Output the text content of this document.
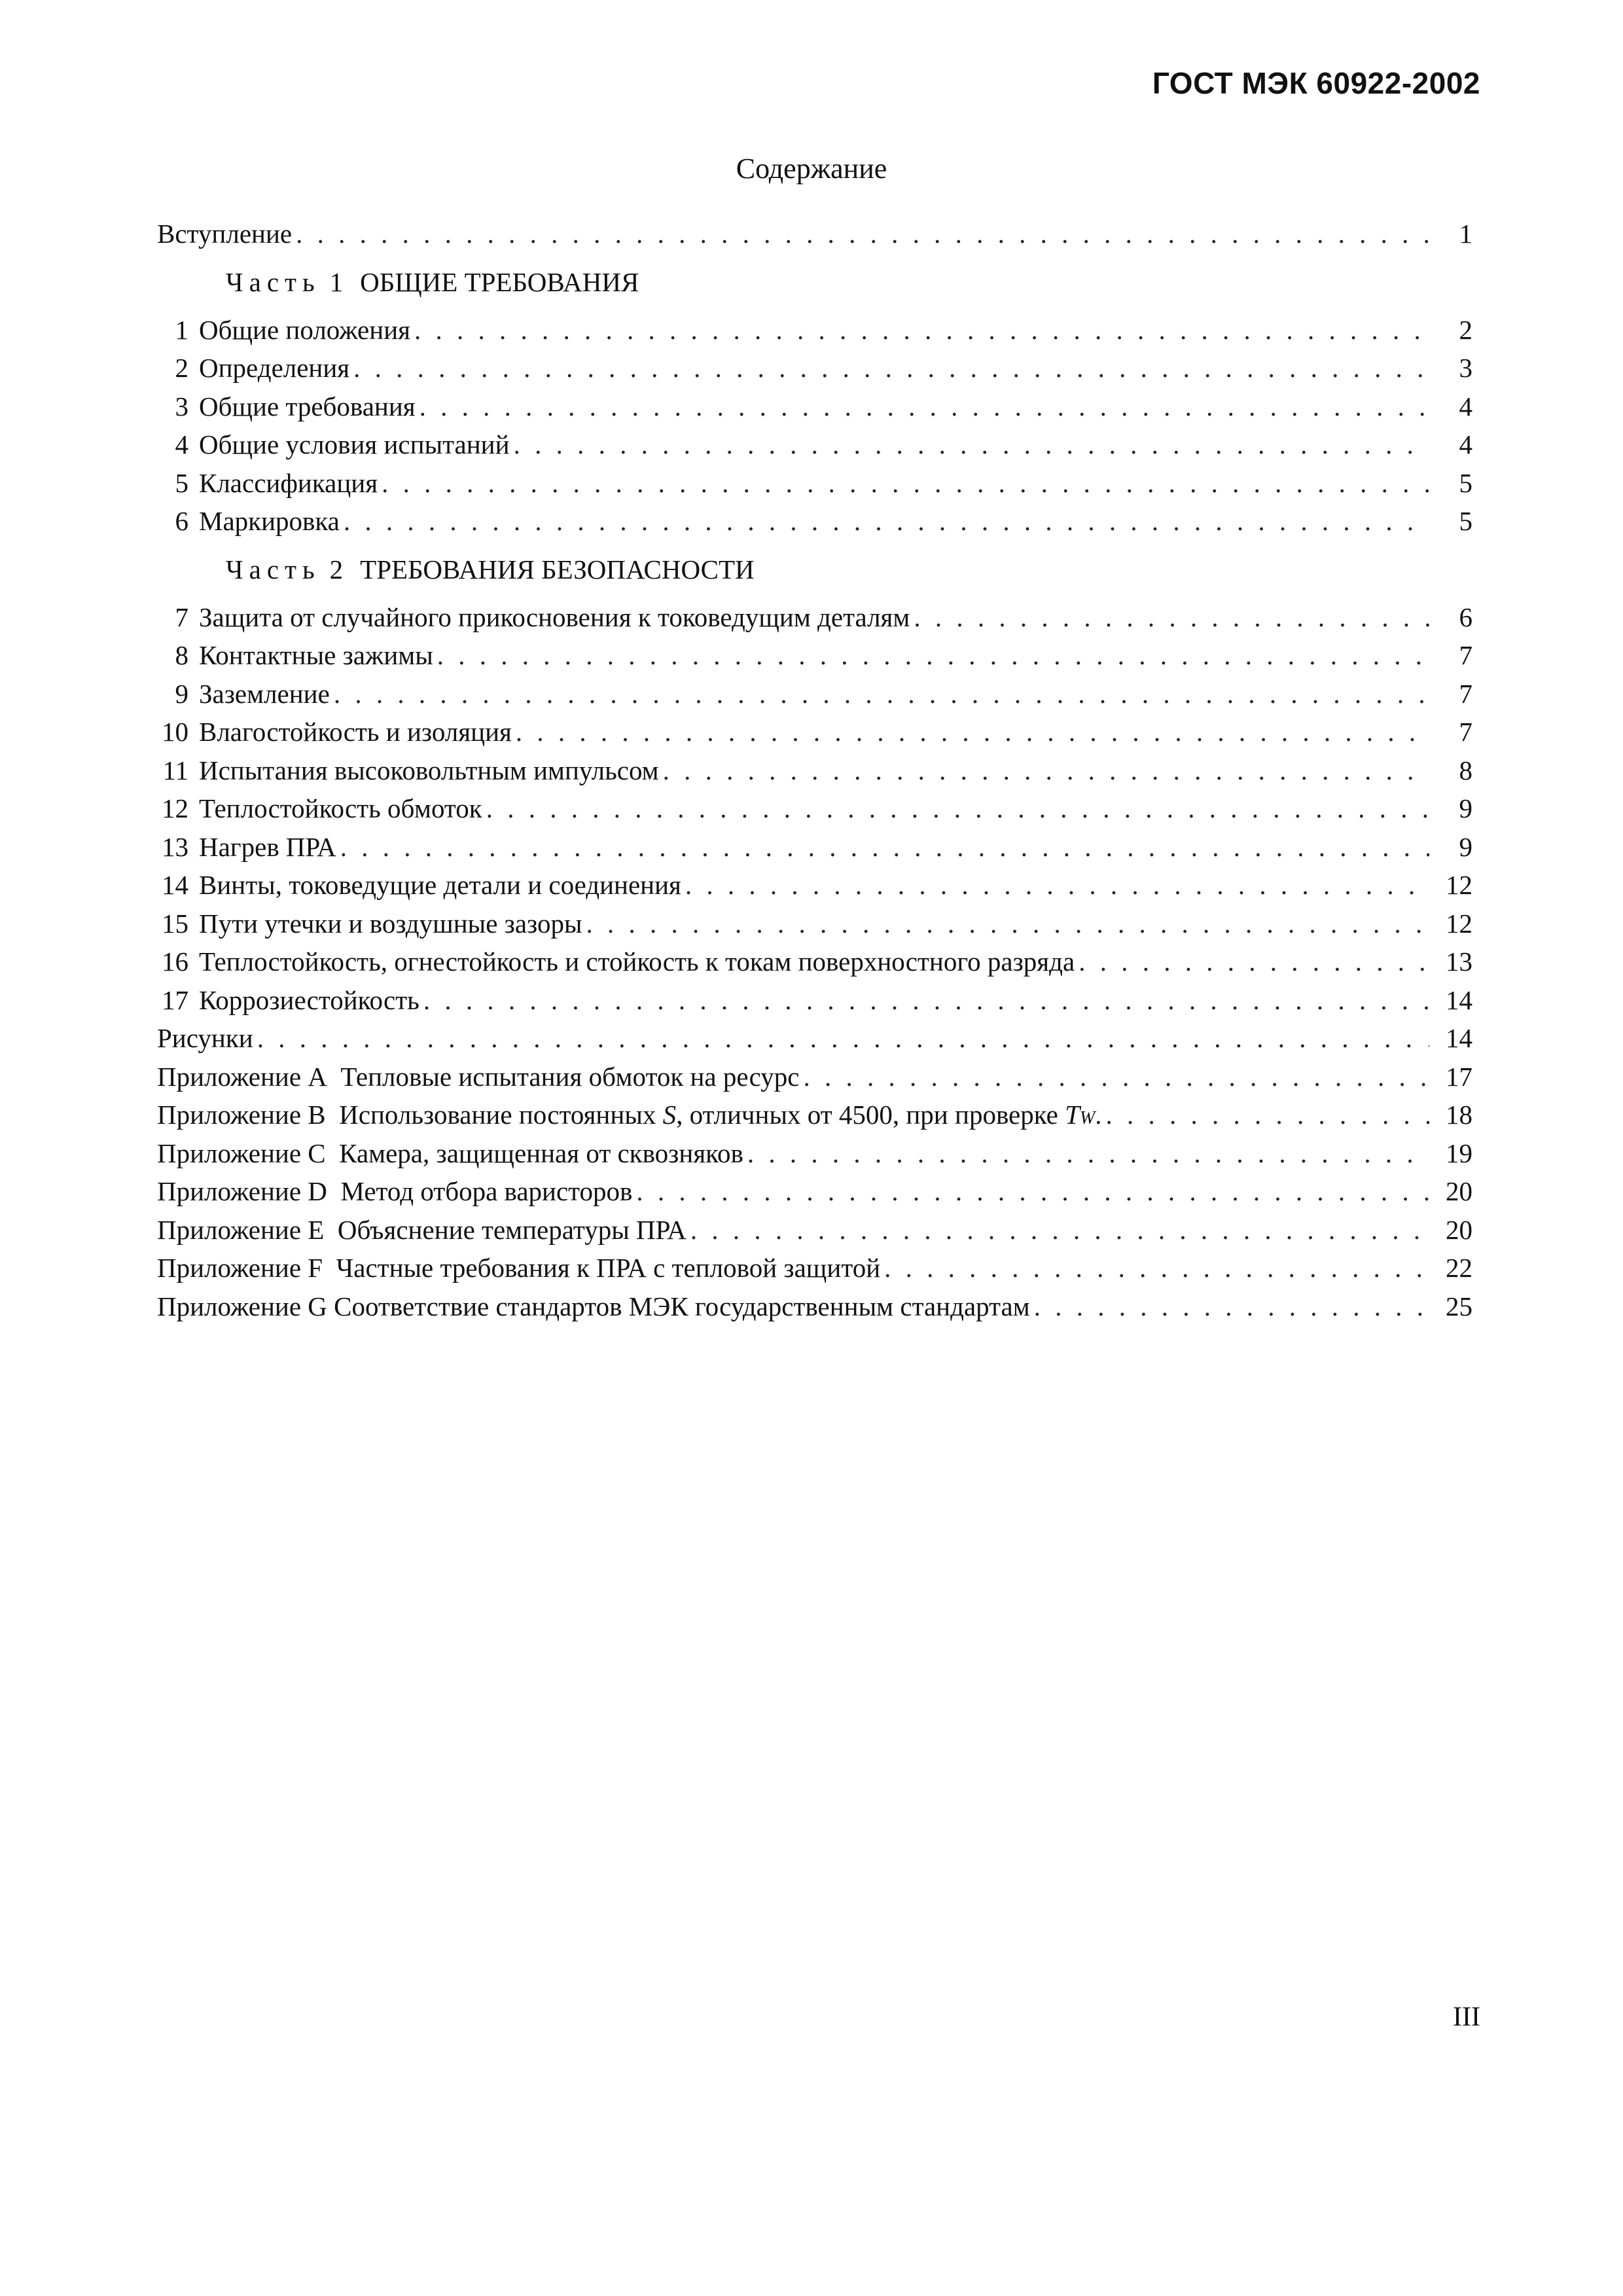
ГОСТ МЭК 60922-2002
Содержание
Вступление . . .	1
Часть 1 ОБЩИЕ ТРЕБОВАНИЯ
1 Общие положения . . .	2
2 Определения . . .	3
3 Общие требования . . .	4
4 Общие условия испытаний . . .	4
5 Классификация . . .	5
6 Маркировка . . .	5
Часть 2 ТРЕБОВАНИЯ БЕЗОПАСНОСТИ
7 Защита от случайного прикосновения к токоведущим деталям . . .	6
8 Контактные зажимы . . .	7
9 Заземление . . .	7
10 Влагостойкость и изоляция . . .	7
11 Испытания высоковольтным импульсом . . .	8
12 Теплостойкость обмоток . . .	9
13 Нагрев ПРА . . .	9
14 Винты, токоведущие детали и соединения . . .	12
15 Пути утечки и воздушные зазоры . . .	12
16 Теплостойкость, огнестойкость и стойкость к токам поверхностного разряда . . .	13
17 Коррозиестойкость . . .	14
Рисунки . . .	14
Приложение А  Тепловые испытания обмоток на ресурс . . .	17
Приложение В  Использование постоянных S, отличных от 4500, при проверке TW. . . .	18
Приложение С  Камера, защищенная от сквозняков . . .	19
Приложение D  Метод отбора варисторов . . .	20
Приложение Е  Объяснение температуры ПРА . . .	20
Приложение F  Частные требования к ПРА с тепловой защитой . . .	22
Приложение G Соответствие стандартов МЭК государственным стандартам . . .	25
III
